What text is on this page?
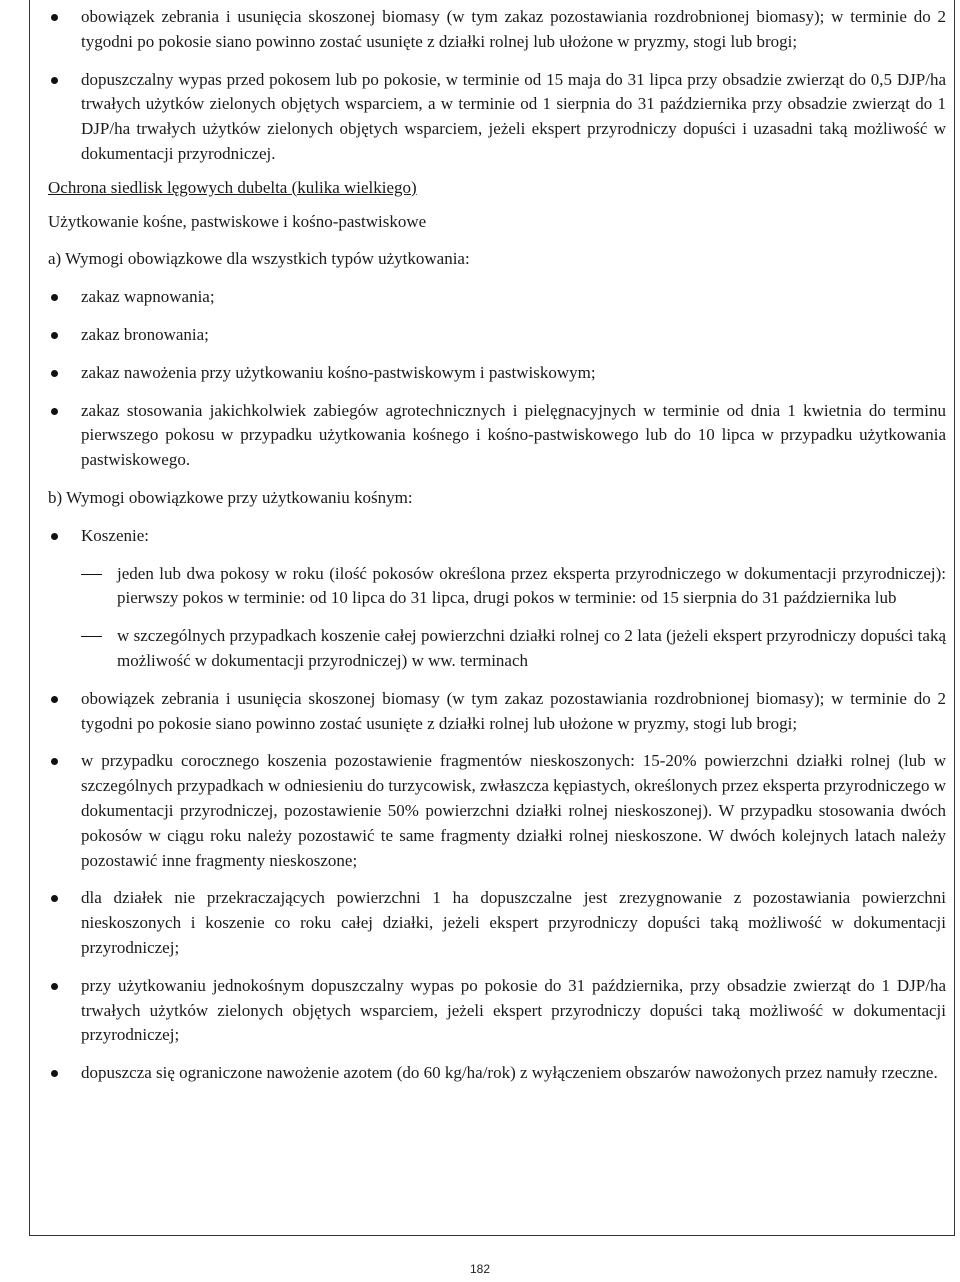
obowiązek zebrania i usunięcia skoszonej biomasy (w tym zakaz pozostawiania rozdrobnionej biomasy); w terminie do 2 tygodni po pokosie siano powinno zostać usunięte z działki rolnej lub ułożone w pryzmy, stogi lub brogi;
dopuszczalny wypas przed pokosem lub po pokosie, w terminie od 15 maja do 31 lipca przy obsadzie zwierząt do 0,5 DJP/ha trwałych użytków zielonych objętych wsparciem, a w terminie od 1 sierpnia do 31 października przy obsadzie zwierząt do 1 DJP/ha trwałych użytków zielonych objętych wsparciem, jeżeli ekspert przyrodniczy dopuści i uzasadni taką możliwość w dokumentacji przyrodniczej.

Ochrona siedlisk lęgowych dubelta (kulika wielkiego)

Użytkowanie kośne, pastwiskowe i kośno-pastwiskowe

a) Wymogi obowiązkowe dla wszystkich typów użytkowania:

zakaz wapnowania;
zakaz bronowania;
zakaz nawożenia przy użytkowaniu kośno-pastwiskowym i pastwiskowym;
zakaz stosowania jakichkolwiek zabiegów agrotechnicznych i pielęgnacyjnych w terminie od dnia 1 kwietnia do terminu pierwszego pokosu w przypadku użytkowania kośnego i kośno-pastwiskowego lub do 10 lipca w przypadku użytkowania pastwiskowego.

b) Wymogi obowiązkowe przy użytkowaniu kośnym:

Koszenie:
jeden lub dwa pokosy w roku (ilość pokosów określona przez eksperta przyrodniczego w dokumentacji przyrodniczej): pierwszy pokos w terminie: od 10 lipca do 31 lipca, drugi pokos w terminie: od 15 sierpnia do 31 października lub
w szczególnych przypadkach koszenie całej powierzchni działki rolnej co 2 lata (jeżeli ekspert przyrodniczy dopuści taką możliwość w dokumentacji przyrodniczej) w ww. terminach
obowiązek zebrania i usunięcia skoszonej biomasy (w tym zakaz pozostawiania rozdrobnionej biomasy); w terminie do 2 tygodni po pokosie siano powinno zostać usunięte z działki rolnej lub ułożone w pryzmy, stogi lub brogi;
w przypadku corocznego koszenia pozostawienie fragmentów nieskoszonych: 15-20% powierzchni działki rolnej (lub w szczególnych przypadkach w odniesieniu do turzycowisk, zwłaszcza kępiastych, określonych przez eksperta przyrodniczego w dokumentacji przyrodniczej, pozostawienie 50% powierzchni działki rolnej nieskoszonej). W przypadku stosowania dwóch pokosów w ciągu roku należy pozostawić te same fragmenty działki rolnej nieskoszone. W dwóch kolejnych latach należy pozostawić inne fragmenty nieskoszone;
dla działek nie przekraczających powierzchni 1 ha dopuszczalne jest zrezygnowanie z pozostawiania powierzchni nieskoszonych i koszenie co roku całej działki, jeżeli ekspert przyrodniczy dopuści taką możliwość w dokumentacji przyrodniczej;
przy użytkowaniu jednokośnym dopuszczalny wypas po pokosie do 31 października, przy obsadzie zwierząt do 1 DJP/ha trwałych użytków zielonych objętych wsparciem, jeżeli ekspert przyrodniczy dopuści taką możliwość w dokumentacji przyrodniczej;
dopuszcza się ograniczone nawożenie azotem (do 60 kg/ha/rok) z wyłączeniem obszarów nawożonych przez namuły rzeczne.
182
